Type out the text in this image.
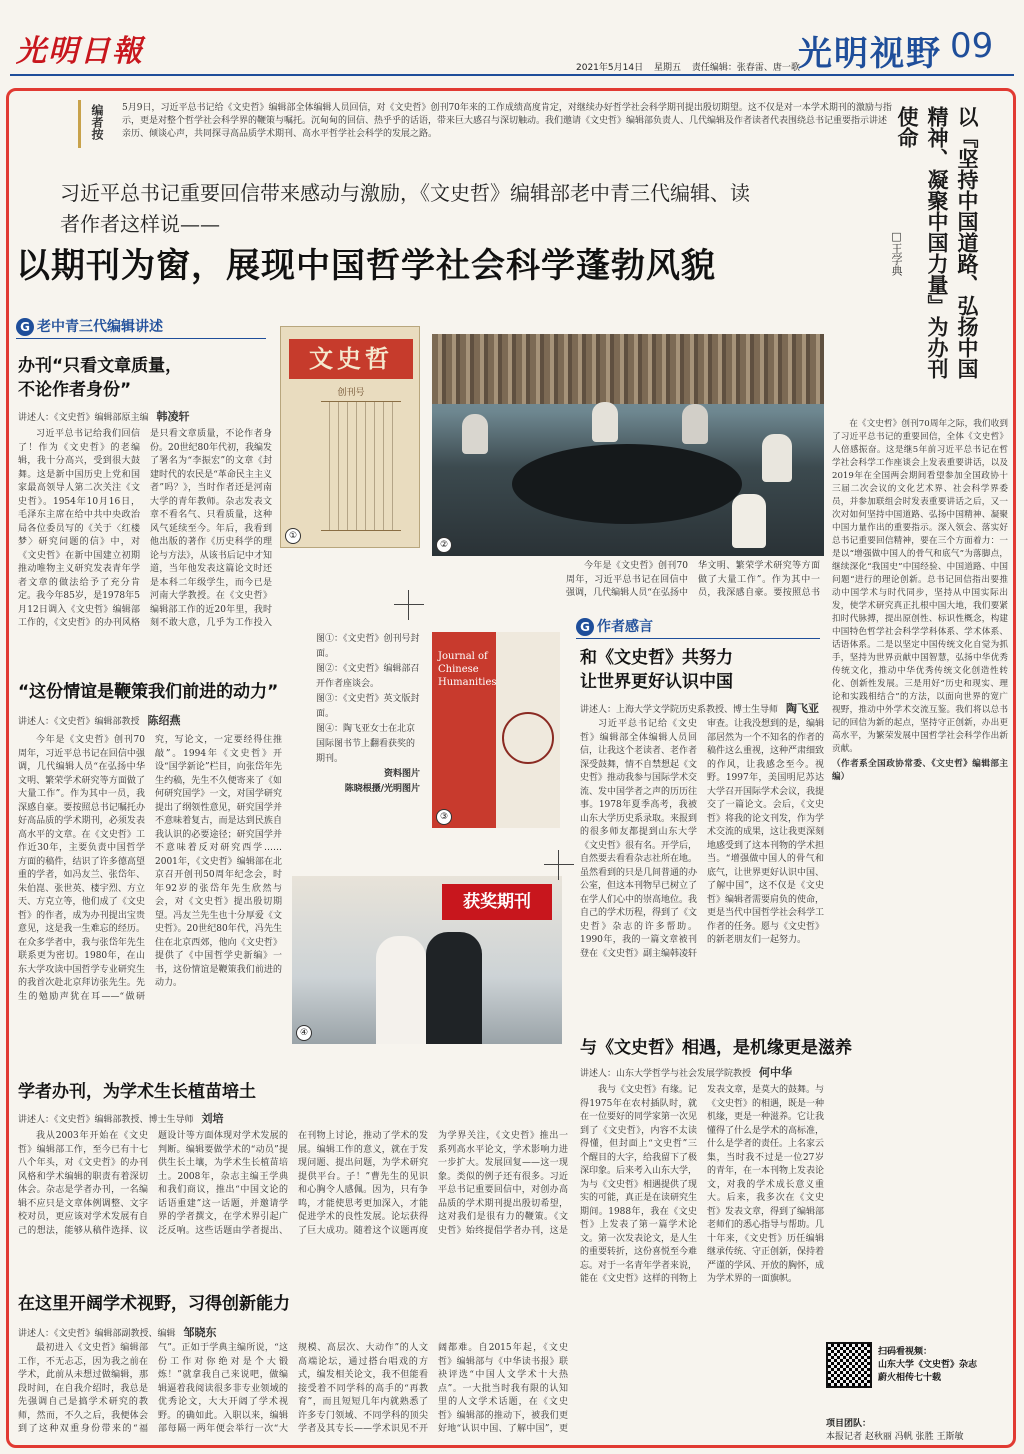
光明日報	2021年5月14日 星期五 责任编辑：张春雷、唐一歌
光明视野 09
编者按	5月9日，习近平总书记给《文史哲》编辑部全体编辑人员回信，对《文史哲》创刊70年来的工作成绩高度肯定，对继续办好哲学社会科学期刊提出殷切期望。这不仅是对一本学术期刊的激励与指示，更是对整个哲学社会科学界的鞭策与嘱托。沉甸甸的回信、热乎乎的话语，带来巨大感召与深切触动。我们邀请《文史哲》编辑部负责人、几代编辑及作者读者代表围绕总书记重要指示讲述亲历、倾谈心声，共同探寻高品质学术期刊、高水平哲学社会科学的发展之路。
习近平总书记重要回信带来感动与激励，《文史哲》编辑部老中青三代编辑、读
者作者这样说——
以期刊为窗，展现中国哲学社会科学蓬勃风貌	以『坚持中国道路、弘扬中国精神、凝聚中国力量』为办刊使命
□王学典

在《文史哲》创刊70周年之际，我们收到了习近平总书记的重要回信，全体《文史哲》人倍感振奋。这是继5年前习近平总书记在哲学社会科学工作座谈会上发表重要讲话，以及2019年在全国两会期间看望参加全国政协十三届二次会议的文化艺术界、社会科学界委员，并参加联组会时发表重要讲话之后，又一次对如何坚持中国道路、弘扬中国精神、凝聚中国力量作出的重要指示。深入领会、落实好总书记重要回信精神，要在三个方面着力：一是以“增强做中国人的骨气和底气”为落脚点，继续深化“我国史”中国经验、中国道路、中国问题“进行的理论创新。总书记回信指出要推动中国学术与时代同步，坚持从中国实际出发，使学术研究真正扎根中国大地，我们要紧扣时代脉搏，提出原创性、标识性概念，构建中国特色哲学社会科学学科体系、学术体系、话语体系。二是以坚定中国传统文化自觉为抓手，坚持为世界贡献中国智慧，弘扬中华优秀传统文化，推动中华优秀传统文化创造性转化、创新性发展。三是用好“历史和现实、理论和实践相结合”的方法，以面向世界的宽广视野，推动中外学术交流互鉴。我们将以总书记的回信为新的起点，坚持守正创新，办出更高水平，为繁荣发展中国哲学社会科学作出新贡献。

（作者系全国政协常委、《文史哲》编辑部主编）

G 老中青三代编辑讲述
办刊“只看文章质量，
不论作者身份”
讲述人：《文史哲》编辑部原主编 韩凌轩

习近平总书记给我们回信了！作为《文史哲》的老编辑，我十分高兴，受到很大鼓舞。这是新中国历史上党和国家最高领导人第二次关注《文史哲》。1954年10月16日，毛泽东主席在给中共中央政治局各位委员写的《关于〈红楼梦〉研究问题的信》中，对《文史哲》在新中国建立初期推动唯物主义研究发表青年学者文章的做法给予了充分肯定。我今年85岁，是1978年5月12日调入《文史哲》编辑部工作的，《文史哲》的办刊风格是只看文章质量，不论作者身份。20世纪80年代初，我编发了署名为“李振宏”的文章《封建时代的农民是“革命民主主义者”吗？》，当时作者还是河南大学的青年教师。杂志发表文章不看名气、只看质量，这种风气延续至今。年后，我看到他出版的著作《历史科学的理论与方法》，从该书后记中才知道，当年他发表这篇论文时还是本科二年级学生，而今已是河南大学教授。在《文史哲》编辑部工作的近20年里，我时刻不敢大意，几乎为工作投入

“这份情谊是鞭策我们前进的动力”
讲述人：《文史哲》编辑部教授 陈绍燕

今年是《文史哲》创刊70周年，习近平总书记在回信中强调，几代编辑人员“在弘扬中华文明、繁荣学术研究等方面做了大量工作”。作为其中一员，我深感自豪。要按照总书记嘱托办好高品质的学术期刊，必须发表高水平的文章。在《文史哲》工作近30年，主要负责中国哲学方面的稿件，结识了许多德高望重的学者，如冯友兰、张岱年、朱伯崑、张世英、楼宇烈、方立天、方克立等，他们成了《文史哲》的作者，成为办刊提出宝贵意见，这是我一生难忘的经历。在众多学者中，我与张岱年先生联系更为密切。1980年，在山东大学攻读中国哲学专业研究生的我首次赴北京拜访张先生。先生的勉励声犹在耳——“做研究，写论文，一定要经得住推敲”。1994年《文史哲》开设“国学新论”栏目，向张岱年先生约稿，先生不久便寄来了《如何研究国学》一文，对国学研究提出了纲领性意见，研究国学并不意味着复古，而是达到民族自我认识的必要途径；研究国学并不意味着反对研究西学……2001年，《文史哲》编辑部在北京召开创刊50周年纪念会，时年92岁的张岱年先生欣然与会，对《文史哲》提出殷切期望。冯友兰先生也十分厚爱《文史哲》。20世纪80年代，冯先生住在北京西郊，他向《文史哲》提供了《中国哲学史新编》一书，这份情谊是鞭策我们前进的动力。

文史哲
创刊号
①
②
图①：《文史哲》创刊号封面。
图②：《文史哲》编辑部召开作者座谈会。
图③：《文史哲》英文版封面。
图④：陶飞亚女士在北京国际图书节上翻看获奖的期刊。
资料图片
陈晓根摄/光明图片
Journal of Chinese Humanities
③
获奖期刊
④

今年是《文史哲》创刊70周年，习近平总书记在回信中强调，几代编辑人员“在弘扬中华文明、繁荣学术研究等方面做了大量工作”。作为其中一员，我深感自豪。要按照总书

G 作者感言
和《文史哲》共努力
让世界更好认识中国
讲述人：上海大学文学院历史系教授、博士生导师 陶飞亚

习近平总书记给《文史哲》编辑部全体编辑人员回信，让我这个老读者、老作者深受鼓舞，情不自禁想起《文史哲》推动我参与国际学术交流、发中国学者之声的历历往事。1978年夏季高考，我被山东大学历史系录取。来报到的很多师友都提到山东大学《文史哲》很有名。开学后，自然要去看看杂志社所在地。虽然看到的只是几间普通的办公室，但这本刊物早已树立了在学人们心中的崇高地位。我自己的学术历程，得到了《文史哲》杂志的许多帮助。1990年，我的一篇文章被刊登在《文史哲》副主编韩凌轩审查。让我没想到的是，编辑部居然为一个不知名的作者的稿件这么重视，这种严肃细致的作风，让我感念至今。视野。1997年，美国明尼苏达大学召开国际学术会议，我提交了一篇论文。会后，《文史哲》将我的论文刊发，作为学术交流的成果，这让我更深刻地感受到了这本刊物的学术担当。“增强做中国人的骨气和底气，让世界更好认识中国、了解中国”，这不仅是《文史哲》编辑者需要肩负的使命，更是当代中国哲学社会科学工作者的任务。愿与《文史哲》的新老朋友们一起努力。

与《文史哲》相遇，是机缘更是滋养
讲述人：山东大学哲学与社会发展学院教授 何中华

我与《文史哲》有缘。记得1975年在农村插队时，就在一位要好的同学家第一次见到了《文史哲》，内容不太读得懂，但封面上“文史哲”三个醒目的大字，给我留下了极深印象。后来考入山东大学，为与《文史哲》相遇提供了现实的可能，真正是在读研究生期间。1988年，我在《文史哲》上发表了第一篇学术论文。第一次发表论文，是人生的重要转折，这份喜悦至今难忘。对于一名青年学者来说，能在《文史哲》这样的刊物上发表文章，是莫大的鼓舞。与《文史哲》的相遇，既是一种机缘，更是一种滋养。它让我懂得了什么是学术的高标准，什么是学者的责任。上名家云集，当时我不过是一位27岁的青年，在一本刊物上发表论文，对我的学术成长意义重大。后来，我多次在《文史哲》发表文章，得到了编辑部老师们的悉心指导与帮助。几十年来，《文史哲》历任编辑继承传统、守正创新，保持着严谨的学风、开放的胸怀，成为学术界的一面旗帜。

学者办刊，为学术生长植苗培土
讲述人：《文史哲》编辑部教授、博士生导师 刘培

我从2003年开始在《文史哲》编辑部工作，至今已有十七八个年头，对《文史哲》的办刊风格和学术编辑的职责有着深切体会。杂志是学者办刊，一名编辑不应只是文章体例调整、文字校对员，更应该对学术发展有自己的想法，能够从稿件选择、议题设计等方面体现对学术发展的判断。编辑要做学术的“动员”提供生长土壤，为学术生长植苗培土。2008年，杂志主编王学典和我们商议，推出“中国文论的话语重建”这一话题，并邀请学界的学者撰文，在学术界引起广泛反响。这些话题由学者提出、在刊物上讨论，推动了学术的发展。编辑工作的意义，就在于发现问题、提出问题，为学术研究提供平台。子！”曹先生的见识和心胸令人感佩。因为，只有争鸣，才能使思考更加深入，才能促进学术的良性发展。论坛获得了巨大成功。随着这个议题再度为学界关注，《文史哲》推出一系列高水平论文，学术影响力进一步扩大。发展回复——这一现象。类似的例子还有很多。习近平总书记重要回信中，对创办高品质的学术期刊提出殷切希望，这对我们是很有力的鞭策。《文史哲》始终提倡学者办刊，这是

在这里开阔学术视野，习得创新能力
讲述人：《文史哲》编辑部副教授、编辑 邹晓东

最初进入《文史哲》编辑部工作，不无忐忑，因为我之前在学术，此前从未想过做编辑，那段时间，在自我介绍时，我总是先强调自己是搞学术研究的教师，然而，不久之后，我便体会到了这种双重身份带来的“福气”。正如于学典主编所说，“这份工作对你绝对是个大锻炼！”就拿我自己来说吧，做编辑逼着我阅读很多非专业领域的优秀论文，大大开阔了学术视野。的确如此。入职以来，编辑部每隔一两年便会举行一次“大规模、高层次、大动作”的人文高端论坛，通过搭台唱戏的方式，编发相关论文，我不但能看接受着不同学科的高手的“再教育”，而且短短几年内就熟悉了许多专门领域、不同学科的顶尖学者及其专长——学术识见不开阔都难。自2015年起，《文史哲》编辑部与《中华读书报》联袂评选“中国人文学术十大热点”。一大批当时我有限的认知里的人文学术话题，在《文史哲》编辑部的推动下，被我们更好地“认识中国、了解中国”，更

扫码看视频：
山东大学《文史哲》杂志
蔚火相传七十载
项目团队：
本报记者 赵秋丽 冯帆 张胜 王斯敏
